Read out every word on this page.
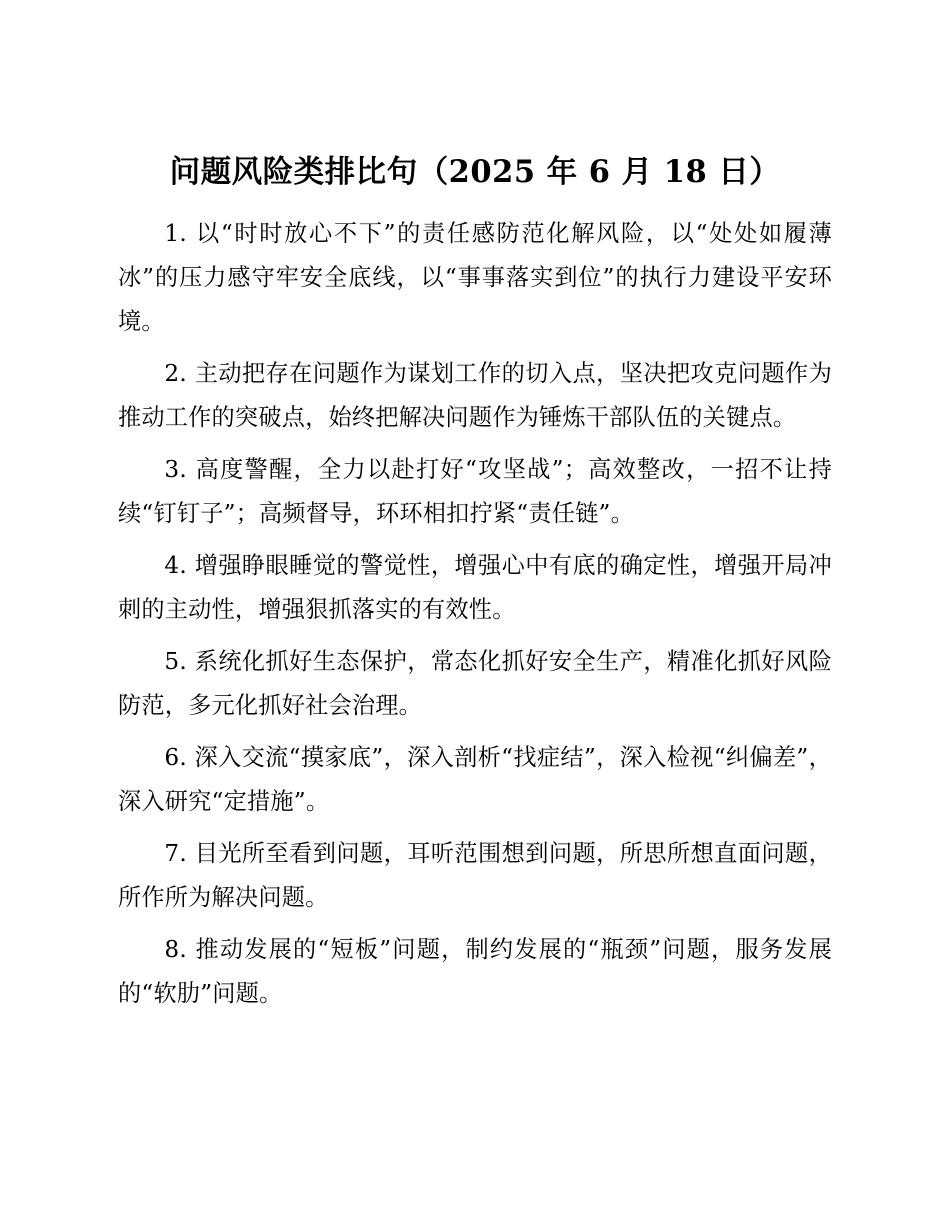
问题风险类排比句（2025 年 6 月 18 日）

1. 以“时时放心不下”的责任感防范化解风险，以“处处如履薄冰”的压力感守牢安全底线，以“事事落实到位”的执行力建设平安环境。

2. 主动把存在问题作为谋划工作的切入点，坚决把攻克问题作为推动工作的突破点，始终把解决问题作为锤炼干部队伍的关键点。

3. 高度警醒，全力以赴打好“攻坚战”；高效整改，一招不让持续“钉钉子”；高频督导，环环相扣拧紧“责任链”。

4. 增强睁眼睡觉的警觉性，增强心中有底的确定性，增强开局冲刺的主动性，增强狠抓落实的有效性。

5. 系统化抓好生态保护，常态化抓好安全生产，精准化抓好风险防范，多元化抓好社会治理。

6. 深入交流“摸家底”，深入剖析“找症结”，深入检视“纠偏差”，深入研究“定措施”。

7. 目光所至看到问题，耳听范围想到问题，所思所想直面问题，所作所为解决问题。

8. 推动发展的“短板”问题，制约发展的“瓶颈”问题，服务发展的“软肋”问题。
